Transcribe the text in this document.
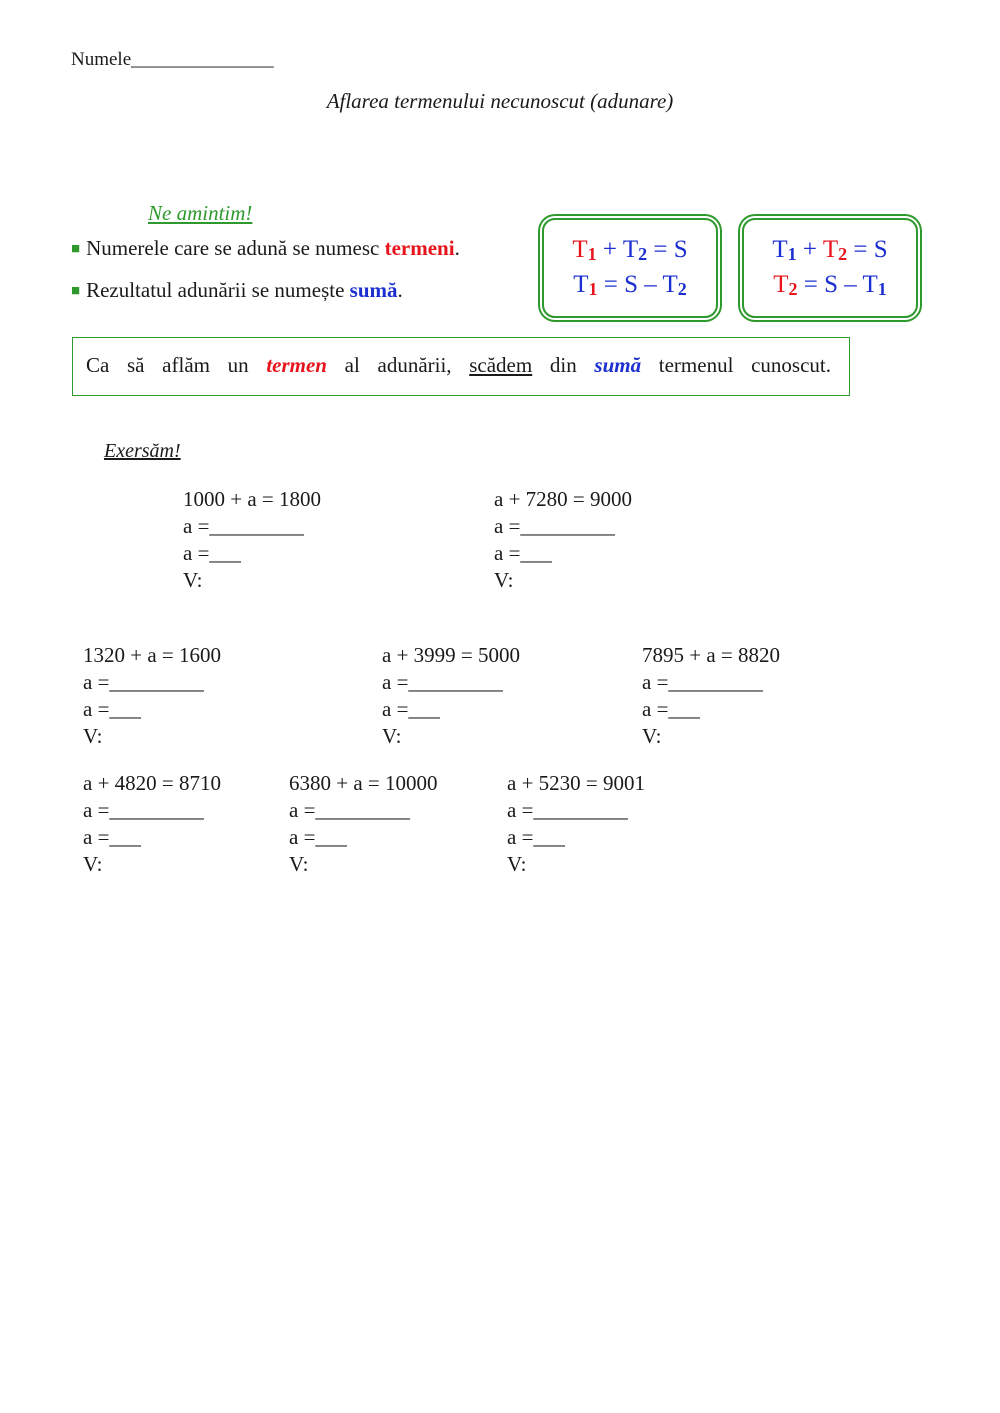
Numele_______________
Aflarea termenului necunoscut (adunare)
Ne amintim!
■ Numerele care se adună se numesc termeni.
■ Rezultatul adunării se numește sumă.
$T_1 + T_2 = S$
$T_1 = S - T_2$
$T_1 + T_2 = S$
$T_2 = S - T_1$
Ca să aflăm un termen al adunării, scădem din sumă termenul cunoscut.
Exersăm!
1000 + a = 1800
a =_________
a =___
V:
a + 7280 = 9000
a =_________
a =___
V:
1320 + a = 1600
a =_________
a =___
V:
a + 3999 = 5000
a =_________
a =___
V:
7895 + a = 8820
a =_________
a =___
V:
a + 4820 = 8710
a =_________
a =___
V:
6380 + a = 10000
a =_________
a =___
V:
a + 5230 = 9001
a =_________
a =___
V:
